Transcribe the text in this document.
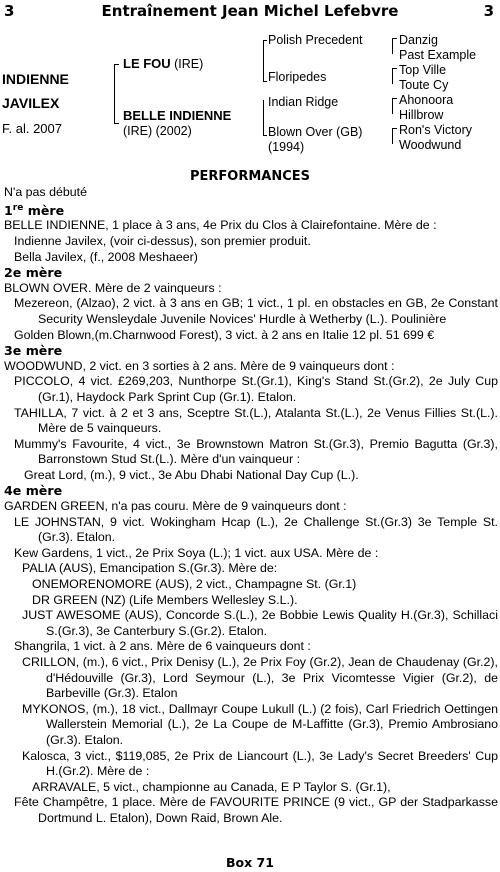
3	Entraînement Jean Michel Lefebvre	3
INDIENNE
JAVILEX
F. al. 2007
LE FOU (IRE)
BELLE INDIENNE
(IRE) (2002)
Polish Precedent
Floripedes
Indian Ridge
Blown Over (GB)
(1994)
Danzig
Past Example
Top Ville
Toute Cy
Ahonoora
Hillbrow
Ron's Victory
Woodwund
PERFORMANCES

N'a pas débuté

1re mère

BELLE INDIENNE, 1 place à 3 ans, 4e Prix du Clos à Clairefontaine. Mère de :

Indienne Javilex, (voir ci-dessus), son premier produit.

Bella Javilex, (f., 2008 Meshaeer)

2e mère

BLOWN OVER. Mère de 2 vainqueurs :

Mezereon, (Alzao), 2 vict. à 3 ans en GB; 1 vict., 1 pl. en obstacles en GB, 2e Constant Security Wensleydale Juvenile Novices' Hurdle à Wetherby (L.). Poulinière

Golden Blown,(m.Charnwood Forest), 3 vict. à 2 ans en Italie 12 pl. 51 699 €

3e mère

WOODWUND, 2 vict. en 3 sorties à 2 ans. Mère de 9 vainqueurs dont :

PICCOLO, 4 vict. £269,203, Nunthorpe St.(Gr.1), King's Stand St.(Gr.2), 2e July Cup (Gr.1), Haydock Park Sprint Cup (Gr.1). Etalon.

TAHILLA, 7 vict. à 2 et 3 ans, Sceptre St.(L.), Atalanta St.(L.), 2e Venus Fillies St.(L.). Mère de 5 vainqueurs.

Mummy's Favourite, 4 vict., 3e Brownstown Matron St.(Gr.3), Premio Bagutta (Gr.3), Barronstown Stud St.(L.). Mère d'un vainqueur :

Great Lord, (m.), 9 vict., 3e Abu Dhabi National Day Cup (L.).

4e mère

GARDEN GREEN, n'a pas couru. Mère de 9 vainqueurs dont :

LE JOHNSTAN, 9 vict. Wokingham Hcap (L.), 2e Challenge St.(Gr.3) 3e Temple St.(Gr.3). Etalon.

Kew Gardens, 1 vict., 2e Prix Soya (L.); 1 vict. aux USA. Mère de :

PALIA (AUS), Emancipation S.(Gr.3). Mère de:

ONEMORENOMORE (AUS), 2 vict., Champagne St. (Gr.1)

DR GREEN (NZ) (Life Members Wellesley S.L.).

JUST AWESOME (AUS), Concorde S.(L.), 2e Bobbie Lewis Quality H.(Gr.3), Schillaci S.(Gr.3), 3e Canterbury S.(Gr.2). Etalon.

Shangrila, 1 vict. à 2 ans. Mère de 6 vainqueurs dont :

CRILLON, (m.), 6 vict., Prix Denisy (L.), 2e Prix Foy (Gr.2), Jean de Chaudenay (Gr.2), d'Hédouville (Gr.3), Lord Seymour (L.), 3e Prix Vicomtesse Vigier (Gr.2), de Barbeville (Gr.3). Etalon

MYKONOS, (m.), 18 vict., Dallmayr Coupe Lukull (L.) (2 fois), Carl Friedrich Oettingen Wallerstein Memorial (L.), 2e La Coupe de M-Laffitte (Gr.3), Premio Ambrosiano (Gr.3). Etalon.

Kalosca, 3 vict., $119,085, 2e Prix de Liancourt (L.), 3e Lady's Secret Breeders' Cup H.(Gr.2). Mère de :

ARRAVALE, 5 vict., championne au Canada, E P Taylor S. (Gr.1),

Fête Champêtre, 1 place. Mère de FAVOURITE PRINCE (9 vict., GP der Stadparkasse Dortmund L. Etalon), Down Raid, Brown Ale.

Box 71
